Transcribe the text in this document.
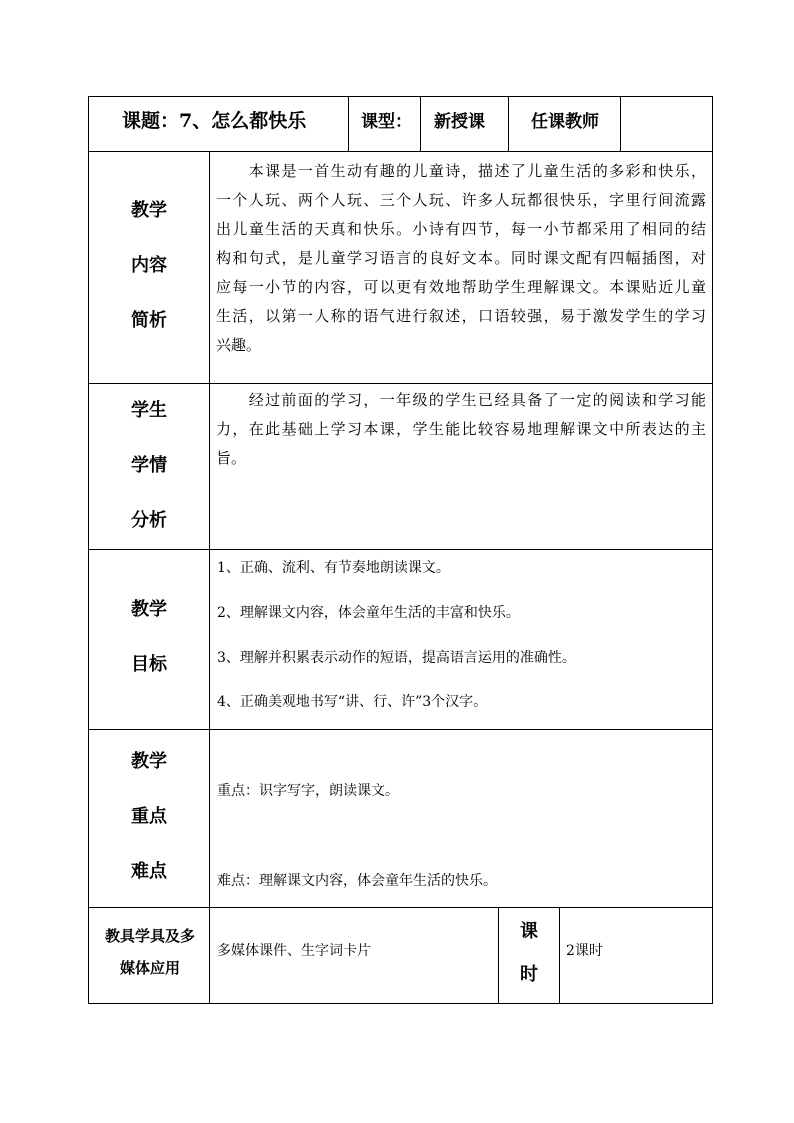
课题：7、怎么都快乐	课型： 新授课	任课教师
教学
内容
简析
　　本课是一首生动有趣的儿童诗，描述了儿童生活的多彩和快乐，
一个人玩、两个人玩、三个人玩、许多人玩都很快乐，字里行间流露
出儿童生活的天真和快乐。小诗有四节，每一小节都采用了相同的结
构和句式，是儿童学习语言的良好文本。同时课文配有四幅插图，对
应每一小节的内容，可以更有效地帮助学生理解课文。本课贴近儿童
生活，以第一人称的语气进行叙述，口语较强，易于激发学生的学习
兴趣。
学生
学情
分析
　　经过前面的学习，一年级的学生已经具备了一定的阅读和学习能
力，在此基础上学习本课，学生能比较容易地理解课文中所表达的主
旨。
教学
目标
1、正确、流利、有节奏地朗读课文。
2、理解课文内容，体会童年生活的丰富和快乐。
3、理解并积累表示动作的短语，提高语言运用的准确性。
4、正确美观地书写“讲、行、许”3个汉字。
教学
重点
难点
重点：识字写字，朗读课文。
难点：理解课文内容，体会童年生活的快乐。
教具学具及多
媒体应用
多媒体课件、生字词卡片
课
时
2课时
